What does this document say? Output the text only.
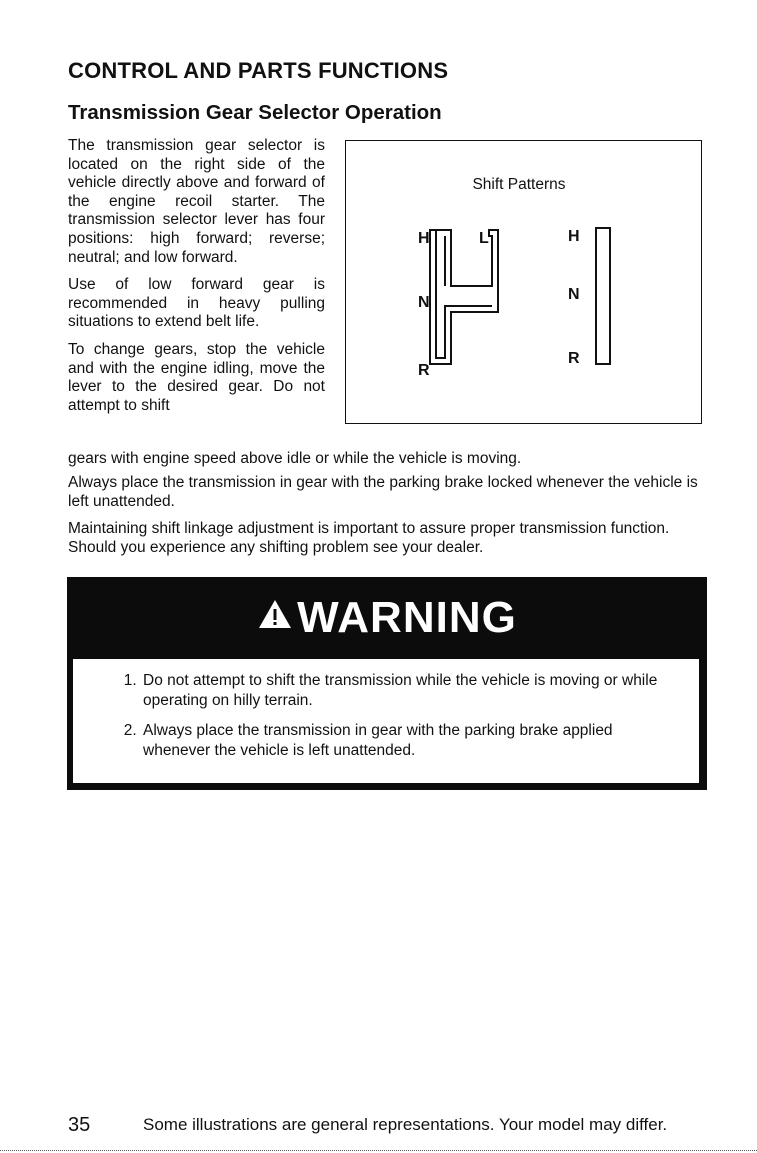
CONTROL AND PARTS FUNCTIONS
Transmission Gear Selector Operation

The transmission gear selector is located on the right side of the vehicle directly above and forward of the engine recoil starter. The transmission selector lever has four positions: high forward; reverse; neutral; and low forward.

Use of low forward gear is recommended in heavy pulling situations to extend belt life.

To change gears, stop the vehicle and with the engine idling, move the lever to the desired gear. Do not attempt to shift

gears with engine speed above idle or while the vehicle is moving.

Always place the transmission in gear with the parking brake locked whenever the vehicle is left unattended.

Maintaining shift linkage adjustment is important to assure proper transmission function. Should you experience any shifting problem see your dealer.

Shift Patterns
H	L
N
R
H
N
R
WARNING
1. Do not attempt to shift the transmission while the vehicle is moving or while operating on hilly terrain.
2. Always place the transmission in gear with the parking brake applied whenever the vehicle is left unattended.
35	Some illustrations are general representations. Your model may differ.
